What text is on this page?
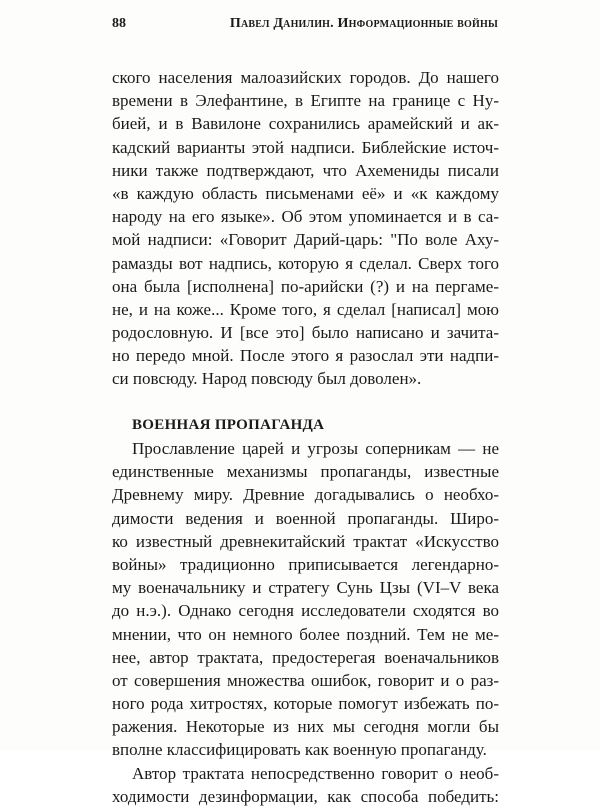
88	Павел Данилин. Информационные войны
ского населения малоазийских городов. До нашего
времени в Элефантине, в Египте на границе с Ну-
бией, и в Вавилоне сохранились арамейский и ак-
кадский варианты этой надписи. Библейские источ-
ники также подтверждают, что Ахемениды писали
«в каждую область письменами её» и «к каждому
народу на его языке». Об этом упоминается и в са-
мой надписи: «Говорит Дарий-царь: "По воле Аху-
рамазды вот надпись, которую я сделал. Сверх того
она была [исполнена] по-арийски (?) и на пергаме-
не, и на коже... Кроме того, я сделал [написал] мою
родословную. И [все это] было написано и зачита-
но передо мной. После этого я разослал эти надпи-
си повсюду. Народ повсюду был доволен».
ВОЕННАЯ ПРОПАГАНДА
Прославление царей и угрозы соперникам — не
единственные механизмы пропаганды, известные
Древнему миру. Древние догадывались о необхо-
димости ведения и военной пропаганды. Широ-
ко известный древнекитайский трактат «Искусство
войны» традиционно приписывается легендарно-
му военачальнику и стратегу Сунь Цзы (VI–V века
до н.э.). Однако сегодня исследователи сходятся во
мнении, что он немного более поздний. Тем не ме-
нее, автор трактата, предостерегая военачальников
от совершения множества ошибок, говорит и о раз-
ного рода хитростях, которые помогут избежать по-
ражения. Некоторые из них мы сегодня могли бы
вполне классифицировать как военную пропаганду.
Автор трактата непосредственно говорит о необ-
ходимости дезинформации, как способа победить:
